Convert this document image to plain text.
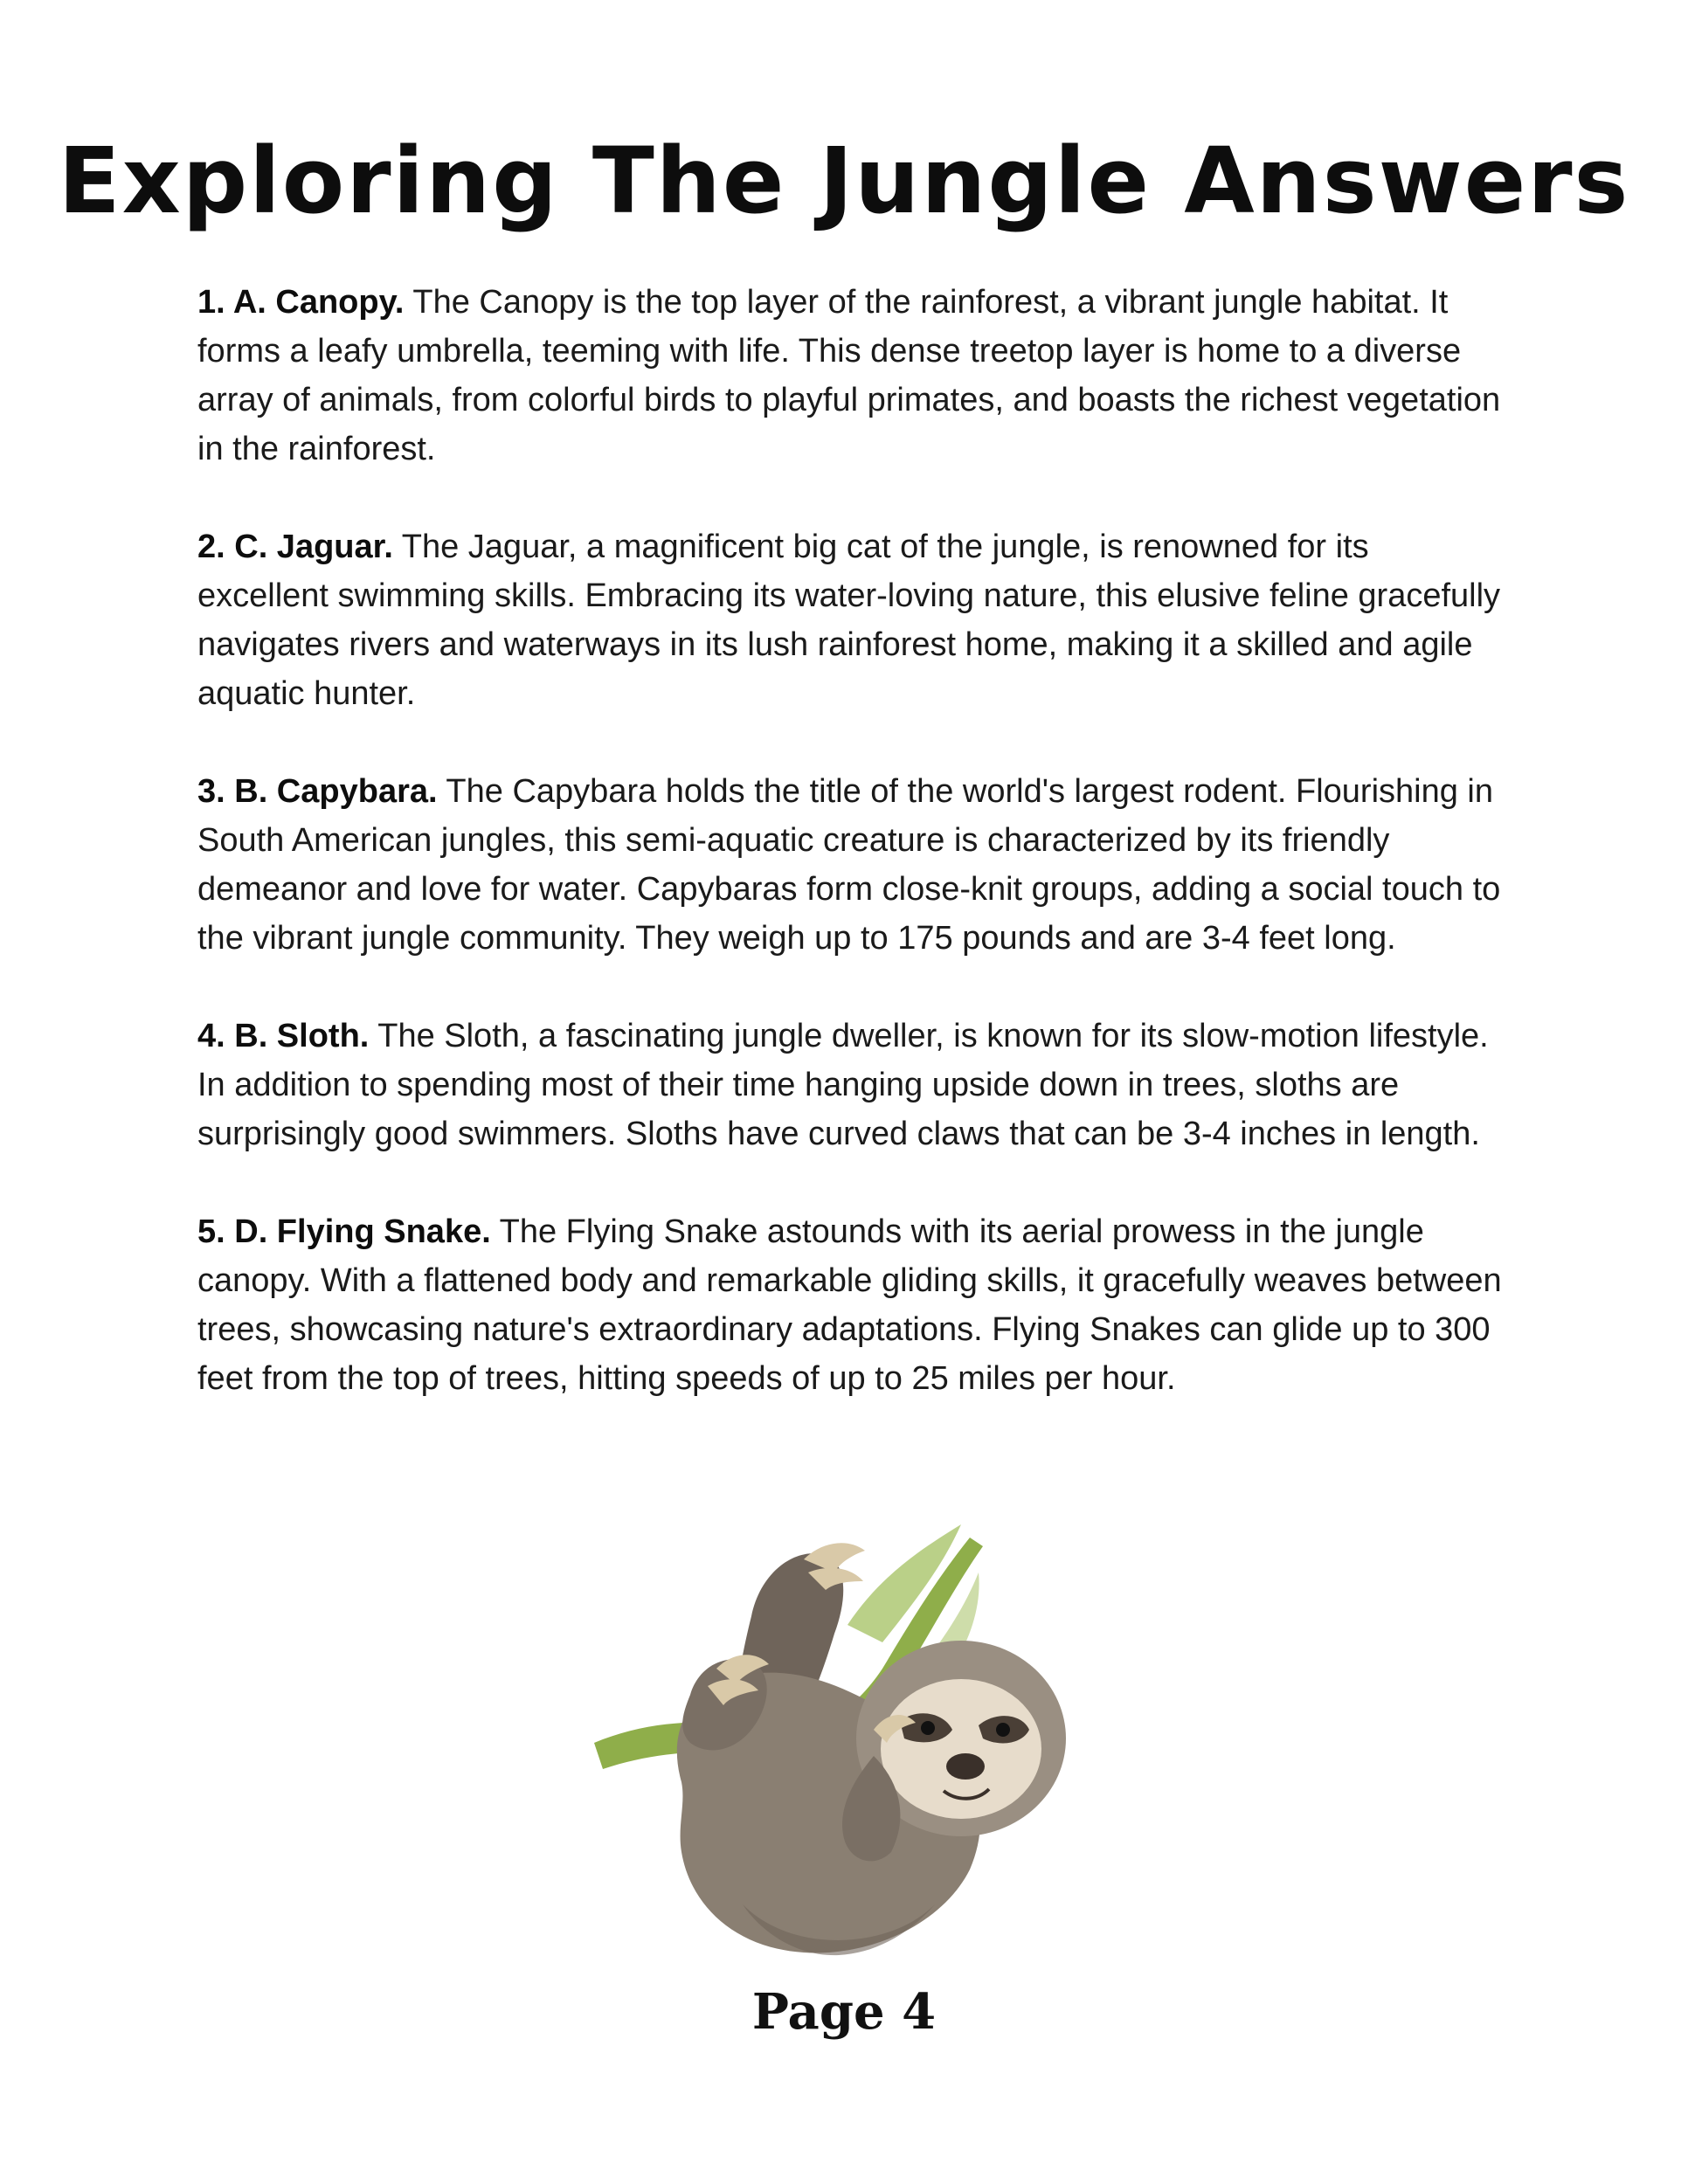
Exploring The Jungle Answers

1. A. Canopy. The Canopy is the top layer of the rainforest, a vibrant jungle habitat. It forms a leafy umbrella, teeming with life. This dense treetop layer is home to a diverse array of animals, from colorful birds to playful primates, and boasts the richest vegetation in the rainforest.

2. C. Jaguar. The Jaguar, a magnificent big cat of the jungle, is renowned for its excellent swimming skills. Embracing its water-loving nature, this elusive feline gracefully navigates rivers and waterways in its lush rainforest home, making it a skilled and agile aquatic hunter.

3. B. Capybara. The Capybara holds the title of the world's largest rodent. Flourishing in South American jungles, this semi-aquatic creature is characterized by its friendly demeanor and love for water. Capybaras form close-knit groups, adding a social touch to the vibrant jungle community. They weigh up to 175 pounds and are 3-4 feet long.

4. B. Sloth. The Sloth, a fascinating jungle dweller, is known for its slow-motion lifestyle. In addition to spending most of their time hanging upside down in trees, sloths are surprisingly good swimmers. Sloths have curved claws that can be 3-4 inches in length.

5. D. Flying Snake. The Flying Snake astounds with its aerial prowess in the jungle canopy. With a flattened body and remarkable gliding skills, it gracefully weaves between trees, showcasing nature's extraordinary adaptations. Flying Snakes can glide up to 300 feet from the top of trees, hitting speeds of up to 25 miles per hour.

Page 4
